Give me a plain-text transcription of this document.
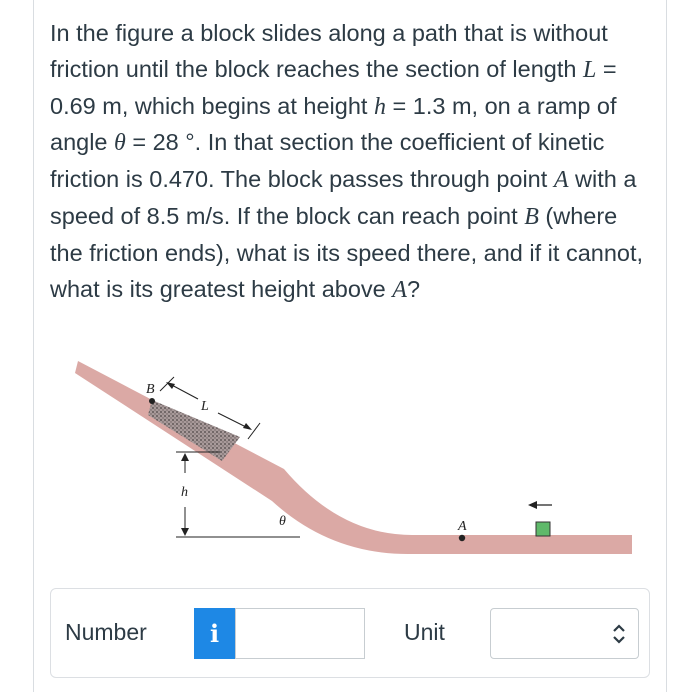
In the figure a block slides along a path that is without friction until the block reaches the section of length L = 0.69 m, which begins at height h = 1.3 m, on a ramp of angle θ = 28 °. In that section the coefficient of kinetic friction is 0.470. The block passes through point A with a speed of 8.5 m/s. If the block can reach point B (where the friction ends), what is its speed there, and if it cannot, what is its greatest height above A?

B
L
h
θ	A
Number	i	Unit
